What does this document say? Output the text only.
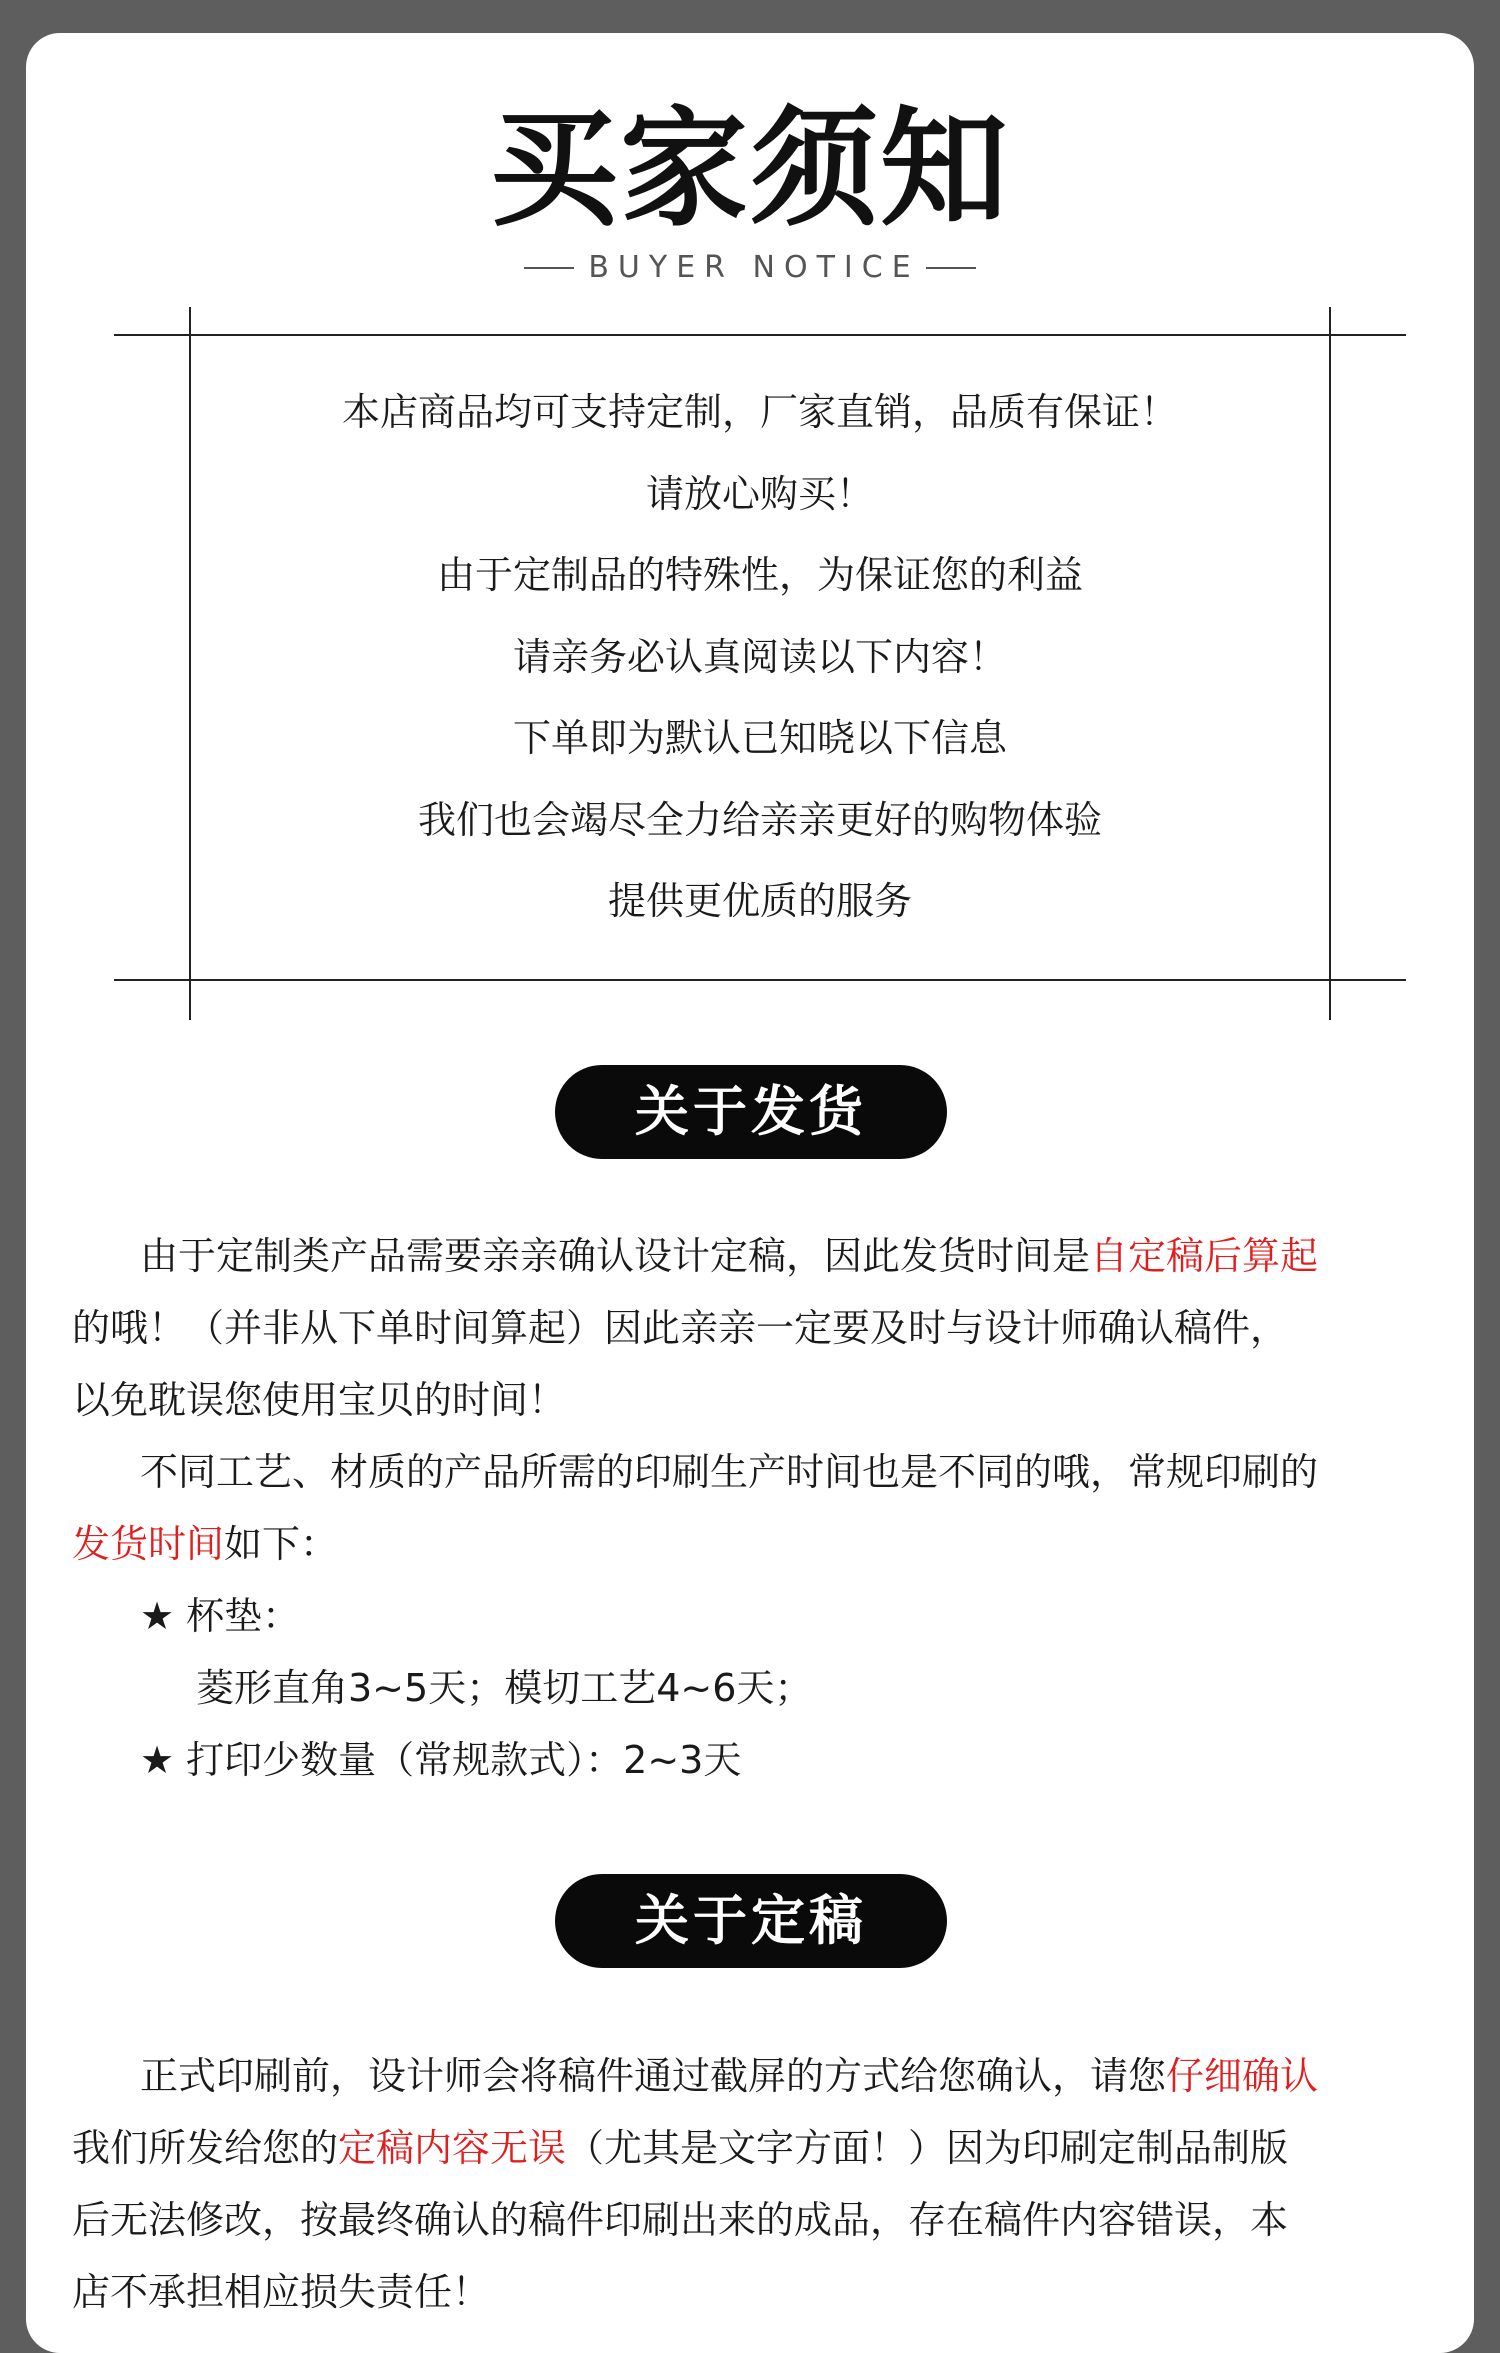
买家须知
BUYER NOTICE
本店商品均可支持定制，厂家直销，品质有保证！
请放心购买！
由于定制品的特殊性，为保证您的利益
请亲务必认真阅读以下内容！
下单即为默认已知晓以下信息
我们也会竭尽全力给亲亲更好的购物体验
提供更优质的服务
关于发货
由于定制类产品需要亲亲确认设计定稿，因此发货时间是自定稿后算起
的哦！（并非从下单时间算起）因此亲亲一定要及时与设计师确认稿件，
以免耽误您使用宝贝的时间！
不同工艺、材质的产品所需的印刷生产时间也是不同的哦，常规印刷的
发货时间如下：
★ 杯垫：
菱形直角3~5天；模切工艺4~6天；
★ 打印少数量（常规款式）：2~3天
关于定稿
正式印刷前，设计师会将稿件通过截屏的方式给您确认，请您仔细确认
我们所发给您的定稿内容无误（尤其是文字方面！）因为印刷定制品制版
后无法修改，按最终确认的稿件印刷出来的成品，存在稿件内容错误，本
店不承担相应损失责任！
